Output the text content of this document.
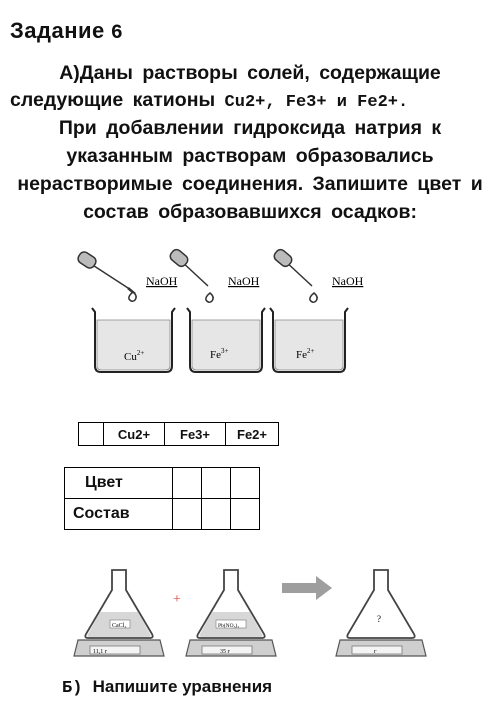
Задание 6
А)Даны растворы солей, содержащие
следующие катионы Cu2+, Fe3+ и Fe2+.
При добавлении гидроксида натрия к
указанным растворам образовались
нерастворимые соединения. Запишите цвет и
состав образовавшихся осадков:
NaOH	NaOH	NaOH
$Cu^{2+}$	$Fe^{3+}$	$Fe^{2+}$
	Cu2+	Fe3+	Fe2+
Цвет			
Состав			
11,1 г
CaCl₂
+
35 г
Pb(NO₃)₂
г
?
Б) Напишите уравнения
